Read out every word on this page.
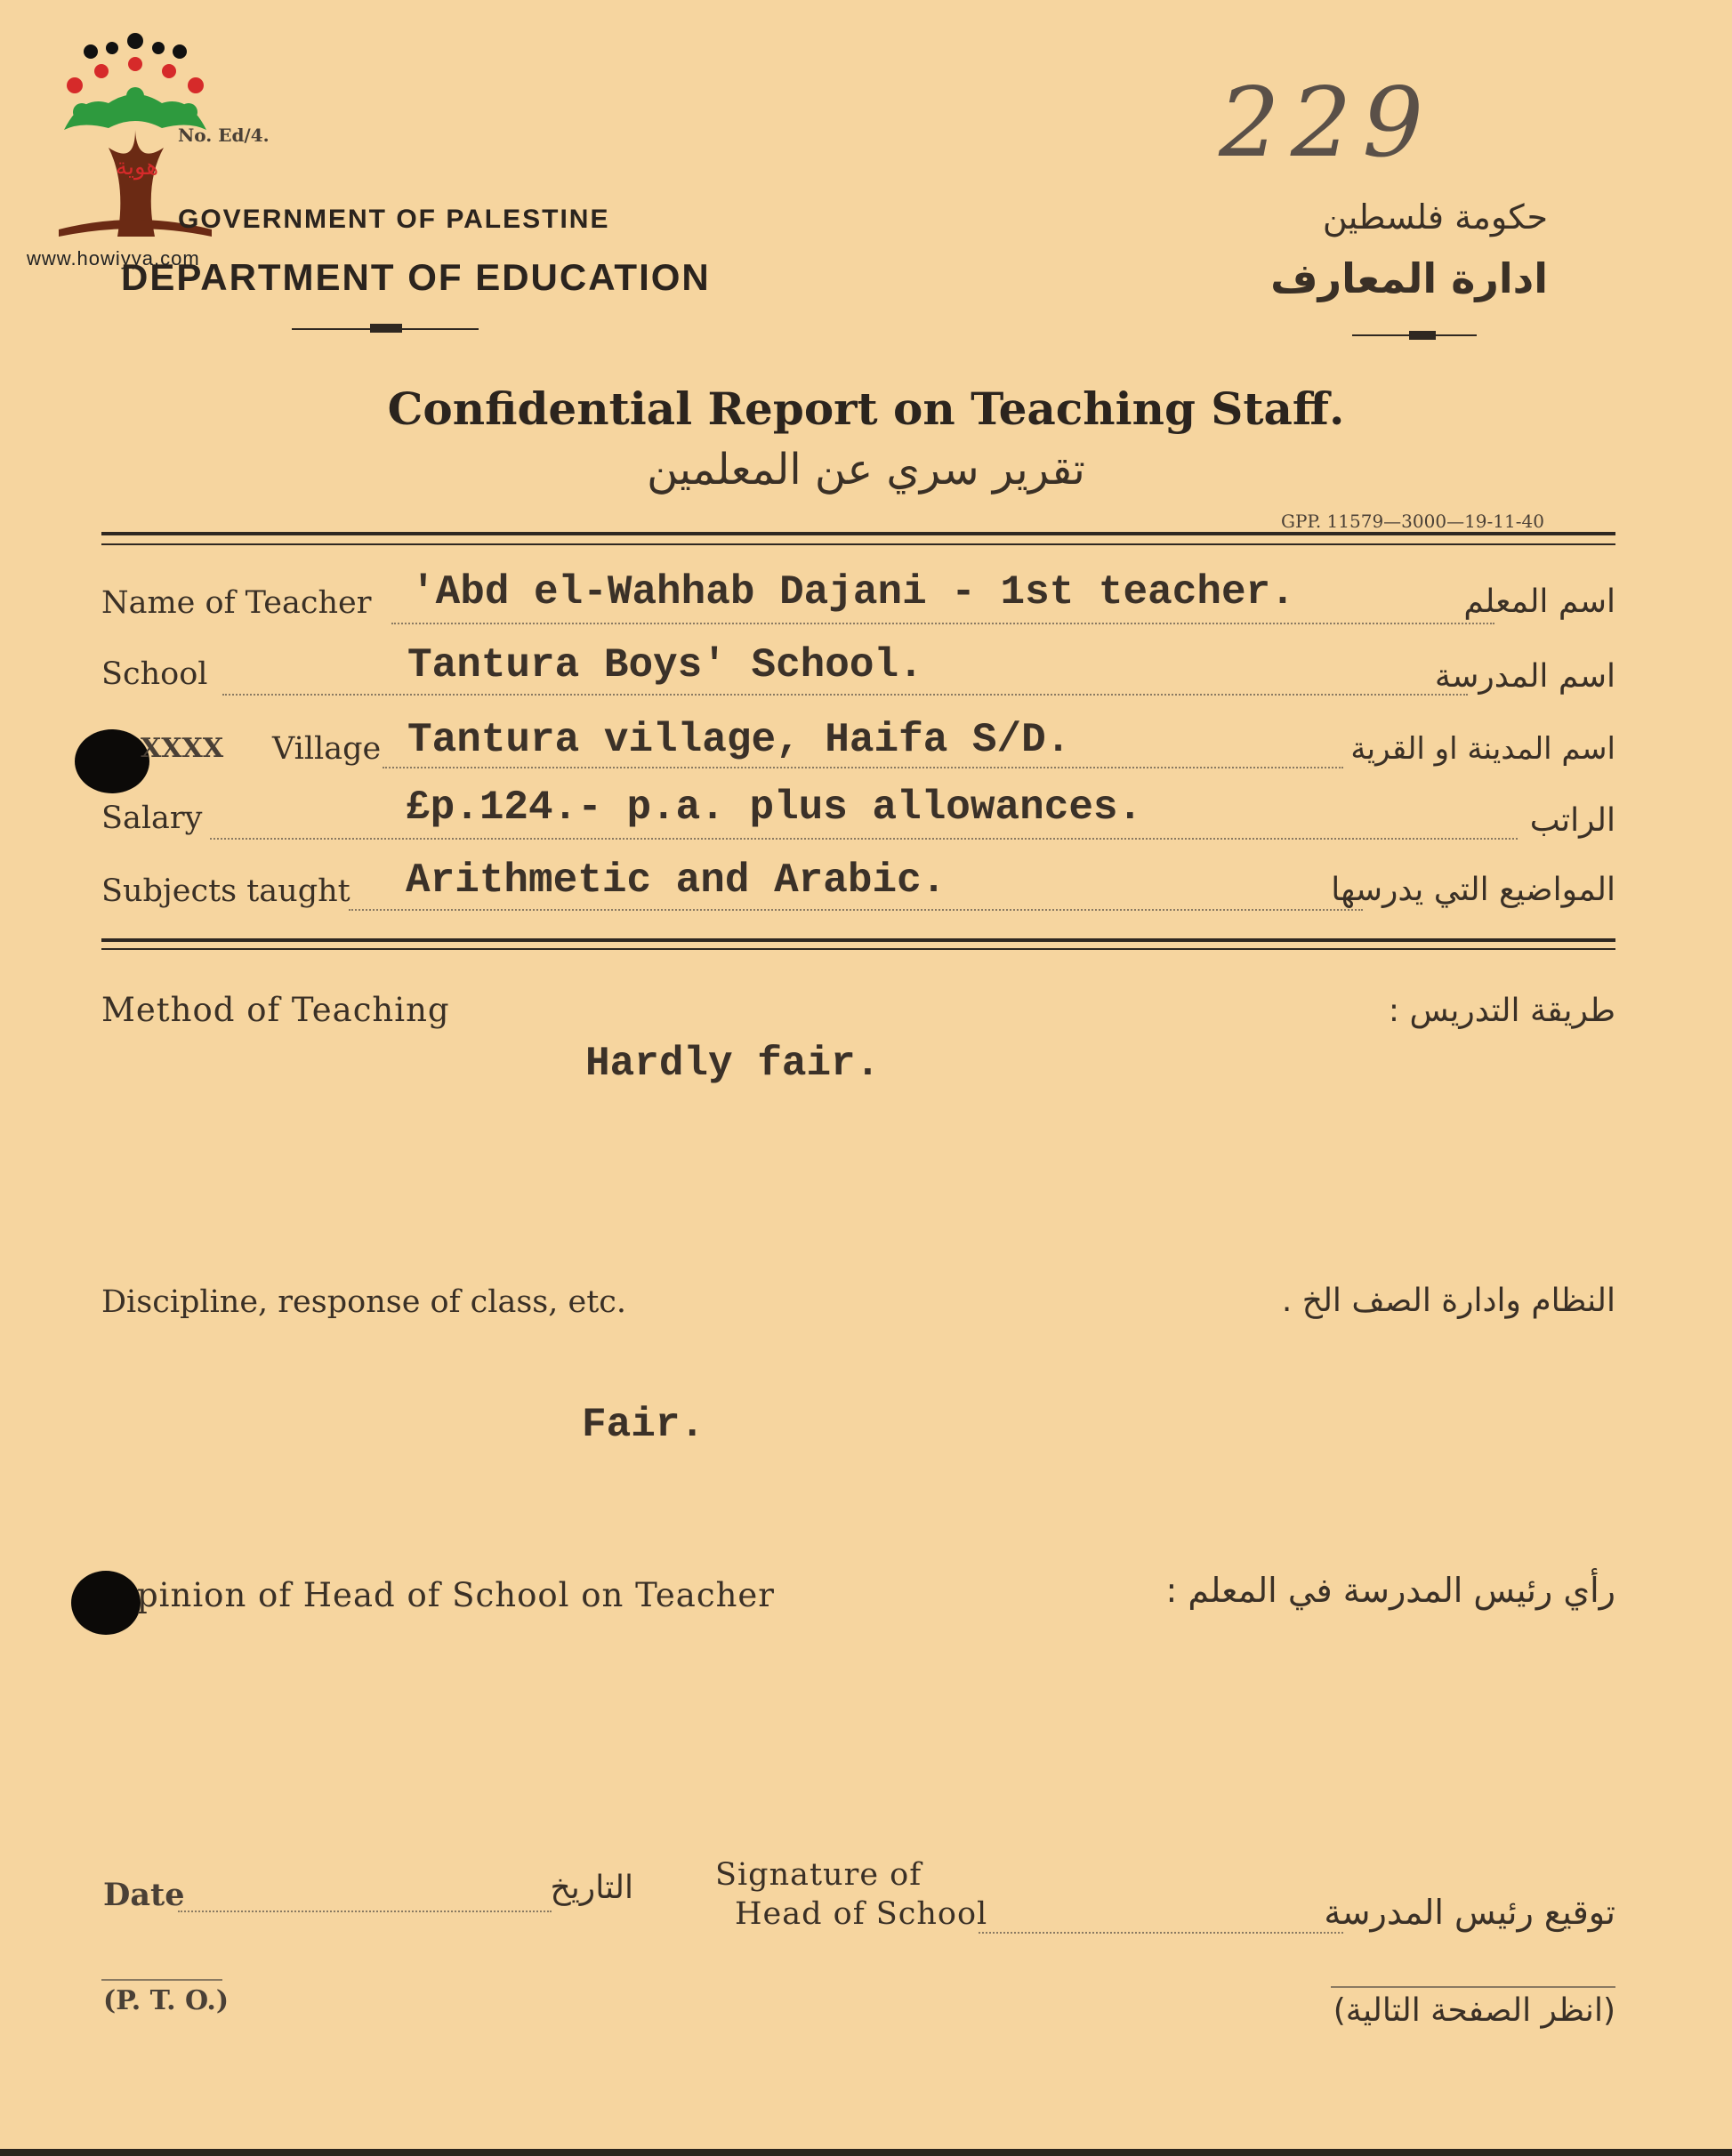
هوية
www.howiyya.com
No. Ed/4.
GOVERNMENT OF PALESTINE
DEPARTMENT OF EDUCATION
229
حكومة فلسطين
ادارة المعارف
Confidential Report on Teaching Staff.
تقرير سري عن المعلمين
GPP. 11579—3000—19-11-40
Name of Teacher 'Abd el-Wahhab Dajani - 1st teacher.	اسم المعلم
School	Tantura Boys' School.	اسم المدرسة
XXXX Village Tantura village, Haifa S/D.	اسم المدينة او القرية
Salary	£p.124.- p.a. plus allowances.	الراتب
Subjects taught Arithmetic and Arabic.	المواضيع التي يدرسها
Method of Teaching	طريقة التدريس :
Hardly fair.
Discipline, response of class, etc.	النظام وادارة الصف الخ .
Fair.
pinion of Head of School on Teacher	رأي رئيس المدرسة في المعلم :
Date	التاريخ	Signature of
Head of School	توقيع رئيس المدرسة
(P. T. O.)	(انظر الصفحة التالية)
